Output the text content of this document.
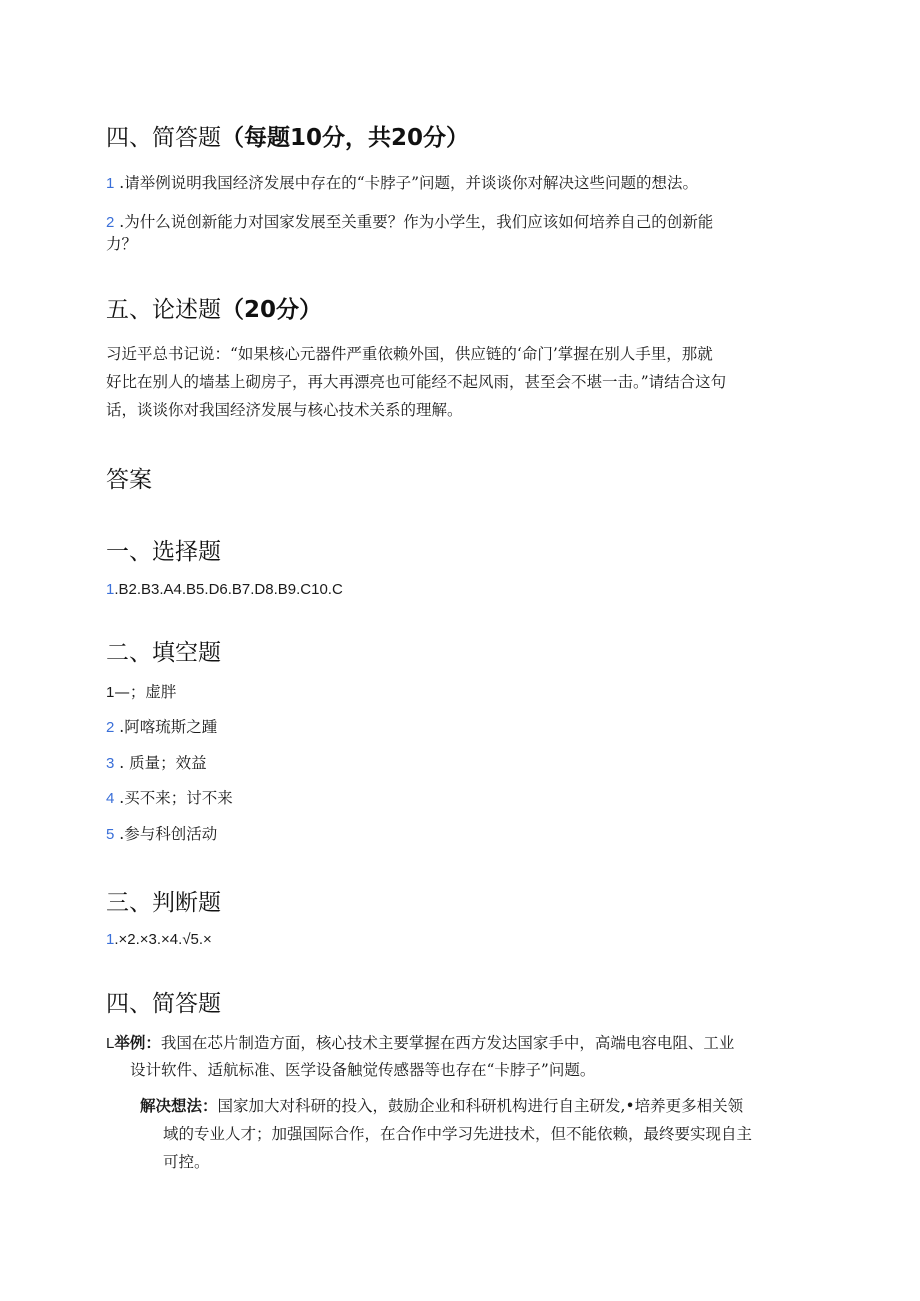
四、简答题（每题10分，共20分）

1 .请举例说明我国经济发展中存在的“卡脖子”问题，并谈谈你对解决这些问题的想法。

2 .为什么说创新能力对国家发展至关重要？作为小学生，我们应该如何培养自己的创新能

力？

五、论述题（20分）

习近平总书记说：“如果核心元器件严重依赖外国，供应链的‘命门’掌握在别人手里，那就

好比在别人的墙基上砌房子，再大再漂亮也可能经不起风雨，甚至会不堪一击。”请结合这句

话，谈谈你对我国经济发展与核心技术关系的理解。

答案
一、选择题

1.B2.B3.A4.B5.D6.B7.D8.B9.C10.C

二、填空题

1—；虚胖

2 .阿喀琉斯之踵

3 . 质量；效益

4 .买不来；讨不来

5 .参与科创活动

三、判断题

1.×2.×3.×4.√5.×

四、简答题

L举例：我国在芯片制造方面，核心技术主要掌握在西方发达国家手中，高端电容电阻、工业

设计软件、适航标准、医学设备触觉传感器等也存在“卡脖子”问题。

解决想法：国家加大对科研的投入，鼓励企业和科研机构进行自主研发,•培养更多相关领

域的专业人才；加强国际合作，在合作中学习先进技术，但不能依赖，最终要实现自主

可控。
